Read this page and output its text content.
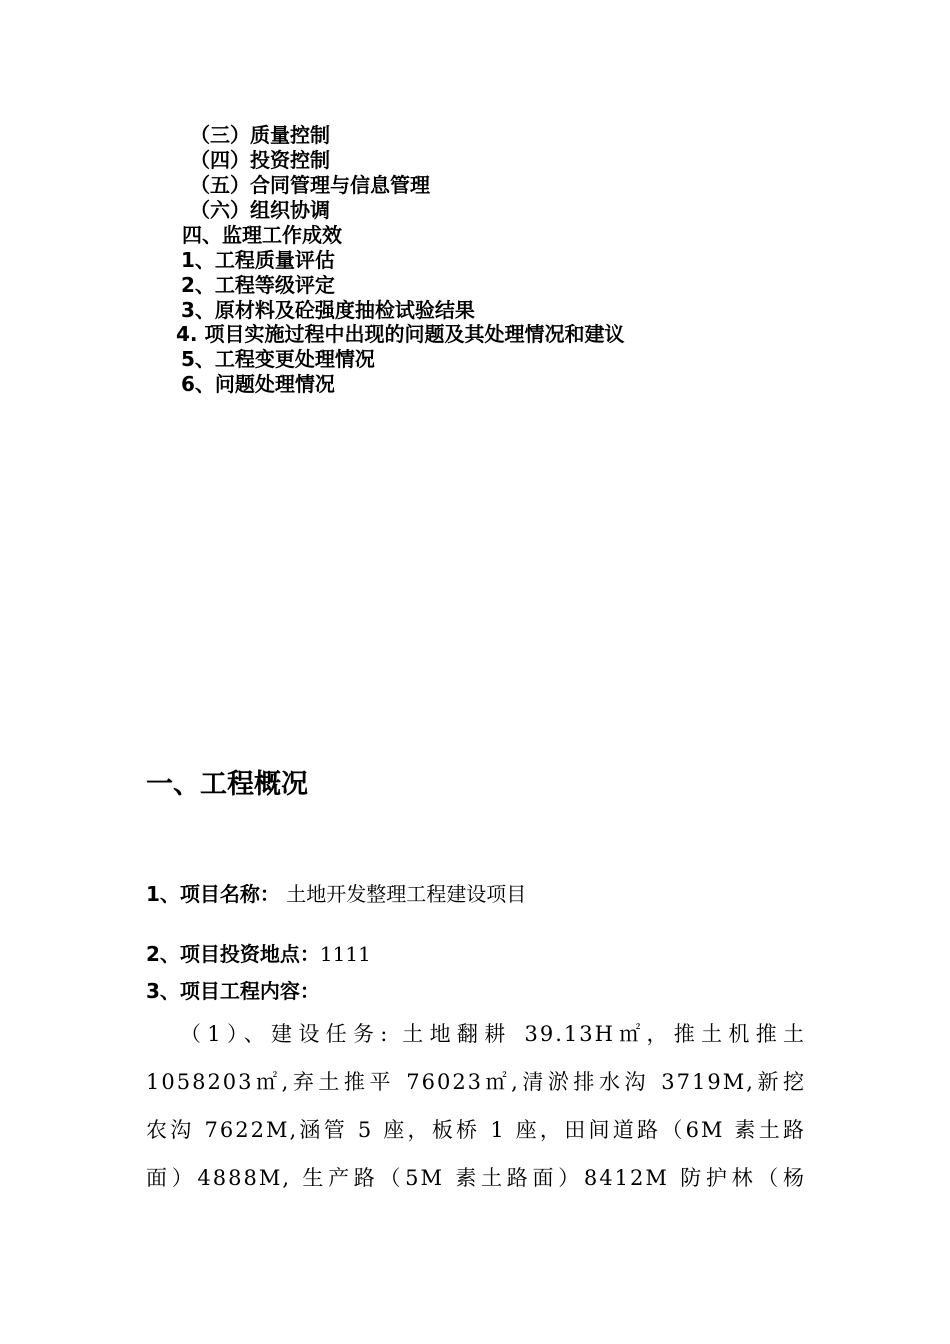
（三）质量控制
（四）投资控制
（五）合同管理与信息管理
（六）组织协调
四、监理工作成效
1、工程质量评估
2、工程等级评定
3、原材料及砼强度抽检试验结果
4. 项目实施过程中出现的问题及其处理情况和建议
5、工程变更处理情况
6、问题处理情况
一、工程概况
1、项目名称： 土地开发整理工程建设项目
2、项目投资地点：1111
3、项目工程内容：
（1）、建设任务: 土地翻耕 39.13H㎡，推土机推土
1058203㎡,弃土推平 76023㎡,清淤排水沟 3719M,新挖
农沟 7622M,涵管 5 座，板桥 1 座，田间道路（6M 素土路
面）4888M, 生产路（5M 素土路面）8412M 防护林（杨
